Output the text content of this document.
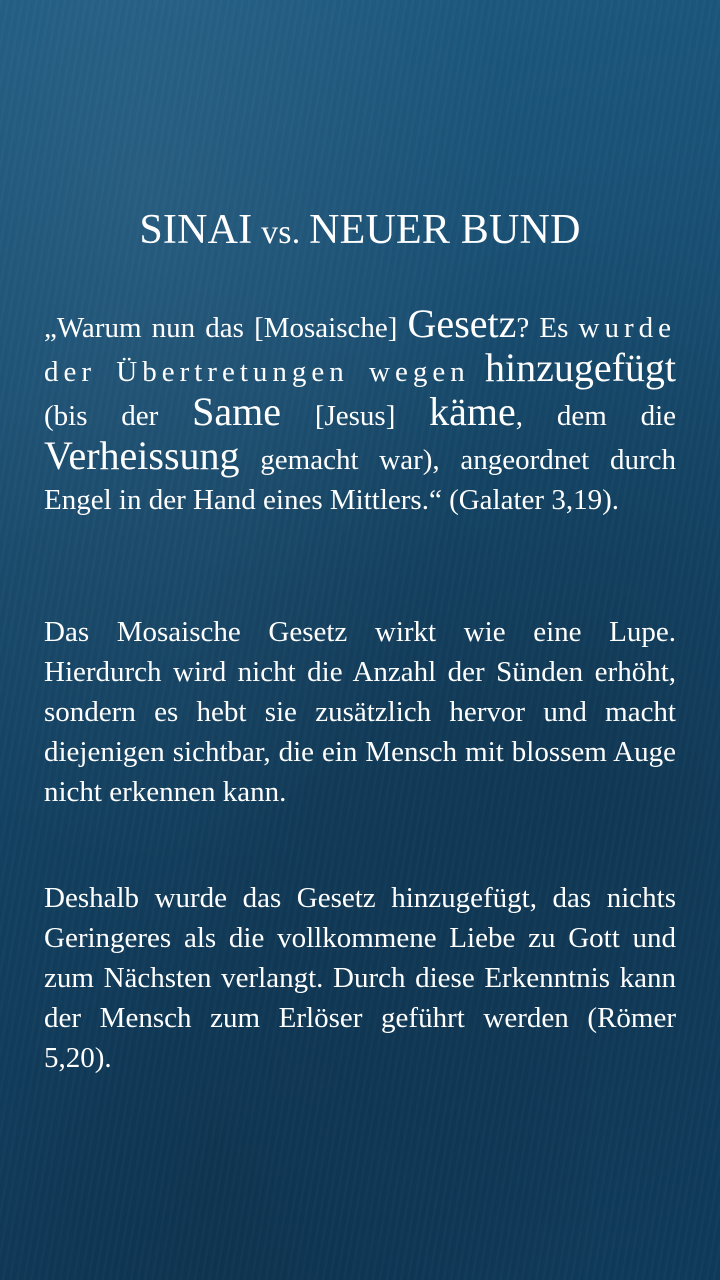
SINAI vs. NEUER BUND

„Warum nun das [Mosaische] Gesetz? Es wurde der Übertretungen wegen hinzugefügt (bis der Same [Jesus] käme, dem die Verheissung gemacht war), angeordnet durch Engel in der Hand eines Mittlers.“ (Galater 3,19).

Das Mosaische Gesetz wirkt wie eine Lupe. Hierdurch wird nicht die Anzahl der Sünden erhöht, sondern es hebt sie zusätzlich hervor und macht diejenigen sichtbar, die ein Mensch mit blossem Auge nicht erkennen kann.

Deshalb wurde das Gesetz hinzugefügt, das nichts Geringeres als die vollkommene Liebe zu Gott und zum Nächsten verlangt. Durch diese Erkenntnis kann der Mensch zum Erlöser geführt werden (Römer 5,20).
